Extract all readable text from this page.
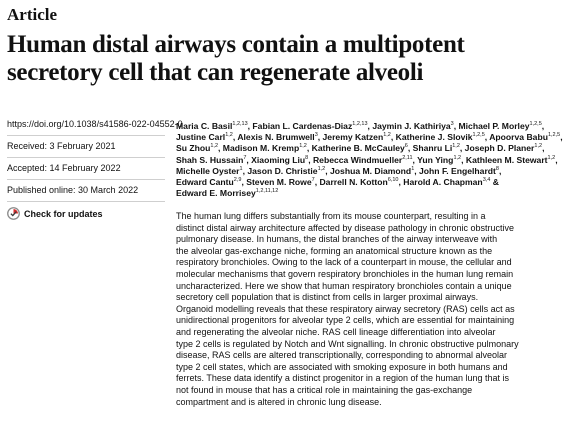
Article
Human distal airways contain a multipotent secretory cell that can regenerate alveoli
https://doi.org/10.1038/s41586-022-04552-0
Received: 3 February 2021
Accepted: 14 February 2022
Published online: 30 March 2022
Check for updates
Maria C. Basil$^{1,2,13}$, Fabian L. Cardenas-Diaz$^{1,2,13}$, Jaymin J. Kathiriya$^3$, Michael P. Morley$^{1,2,5}$,
Justine Carl$^{1,2}$, Alexis N. Brumwell$^3$, Jeremy Katzen$^{1,2}$, Katherine J. Slovik$^{1,2,5}$, Apoorva Babu$^{1,2,5}$,
Su Zhou$^{1,2}$, Madison M. Kremp$^{1,2}$, Katherine B. McCauley$^6$, Shanru Li$^{1,2}$, Joseph D. Planer$^{1,2}$,
Shah S. Hussain$^7$, Xiaoming Liu$^8$, Rebecca Windmueller$^{2,11}$, Yun Ying$^{1,2}$, Kathleen M. Stewart$^{1,2}$,
Michelle Oyster$^1$, Jason D. Christie$^{1,2}$, Joshua M. Diamond$^1$, John F. Engelhardt$^8$,
Edward Cantu$^{2,9}$, Steven M. Rowe$^7$, Darrell N. Kotton$^{6,10}$, Harold A. Chapman$^{3,4}$ &
Edward E. Morrisey$^{1,2,11,12}$
The human lung differs substantially from its mouse counterpart, resulting in a
distinct distal airway architecture affected by disease pathology in chronic obstructive
pulmonary disease. In humans, the distal branches of the airway interweave with
the alveolar gas-exchange niche, forming an anatomical structure known as the
respiratory bronchioles. Owing to the lack of a counterpart in mouse, the cellular and
molecular mechanisms that govern respiratory bronchioles in the human lung remain
uncharacterized. Here we show that human respiratory bronchioles contain a unique
secretory cell population that is distinct from cells in larger proximal airways.
Organoid modelling reveals that these respiratory airway secretory (RAS) cells act as
unidirectional progenitors for alveolar type 2 cells, which are essential for maintaining
and regenerating the alveolar niche. RAS cell lineage differentiation into alveolar
type 2 cells is regulated by Notch and Wnt signalling. In chronic obstructive pulmonary
disease, RAS cells are altered transcriptionally, corresponding to abnormal alveolar
type 2 cell states, which are associated with smoking exposure in both humans and
ferrets. These data identify a distinct progenitor in a region of the human lung that is
not found in mouse that has a critical role in maintaining the gas-exchange
compartment and is altered in chronic lung disease.
